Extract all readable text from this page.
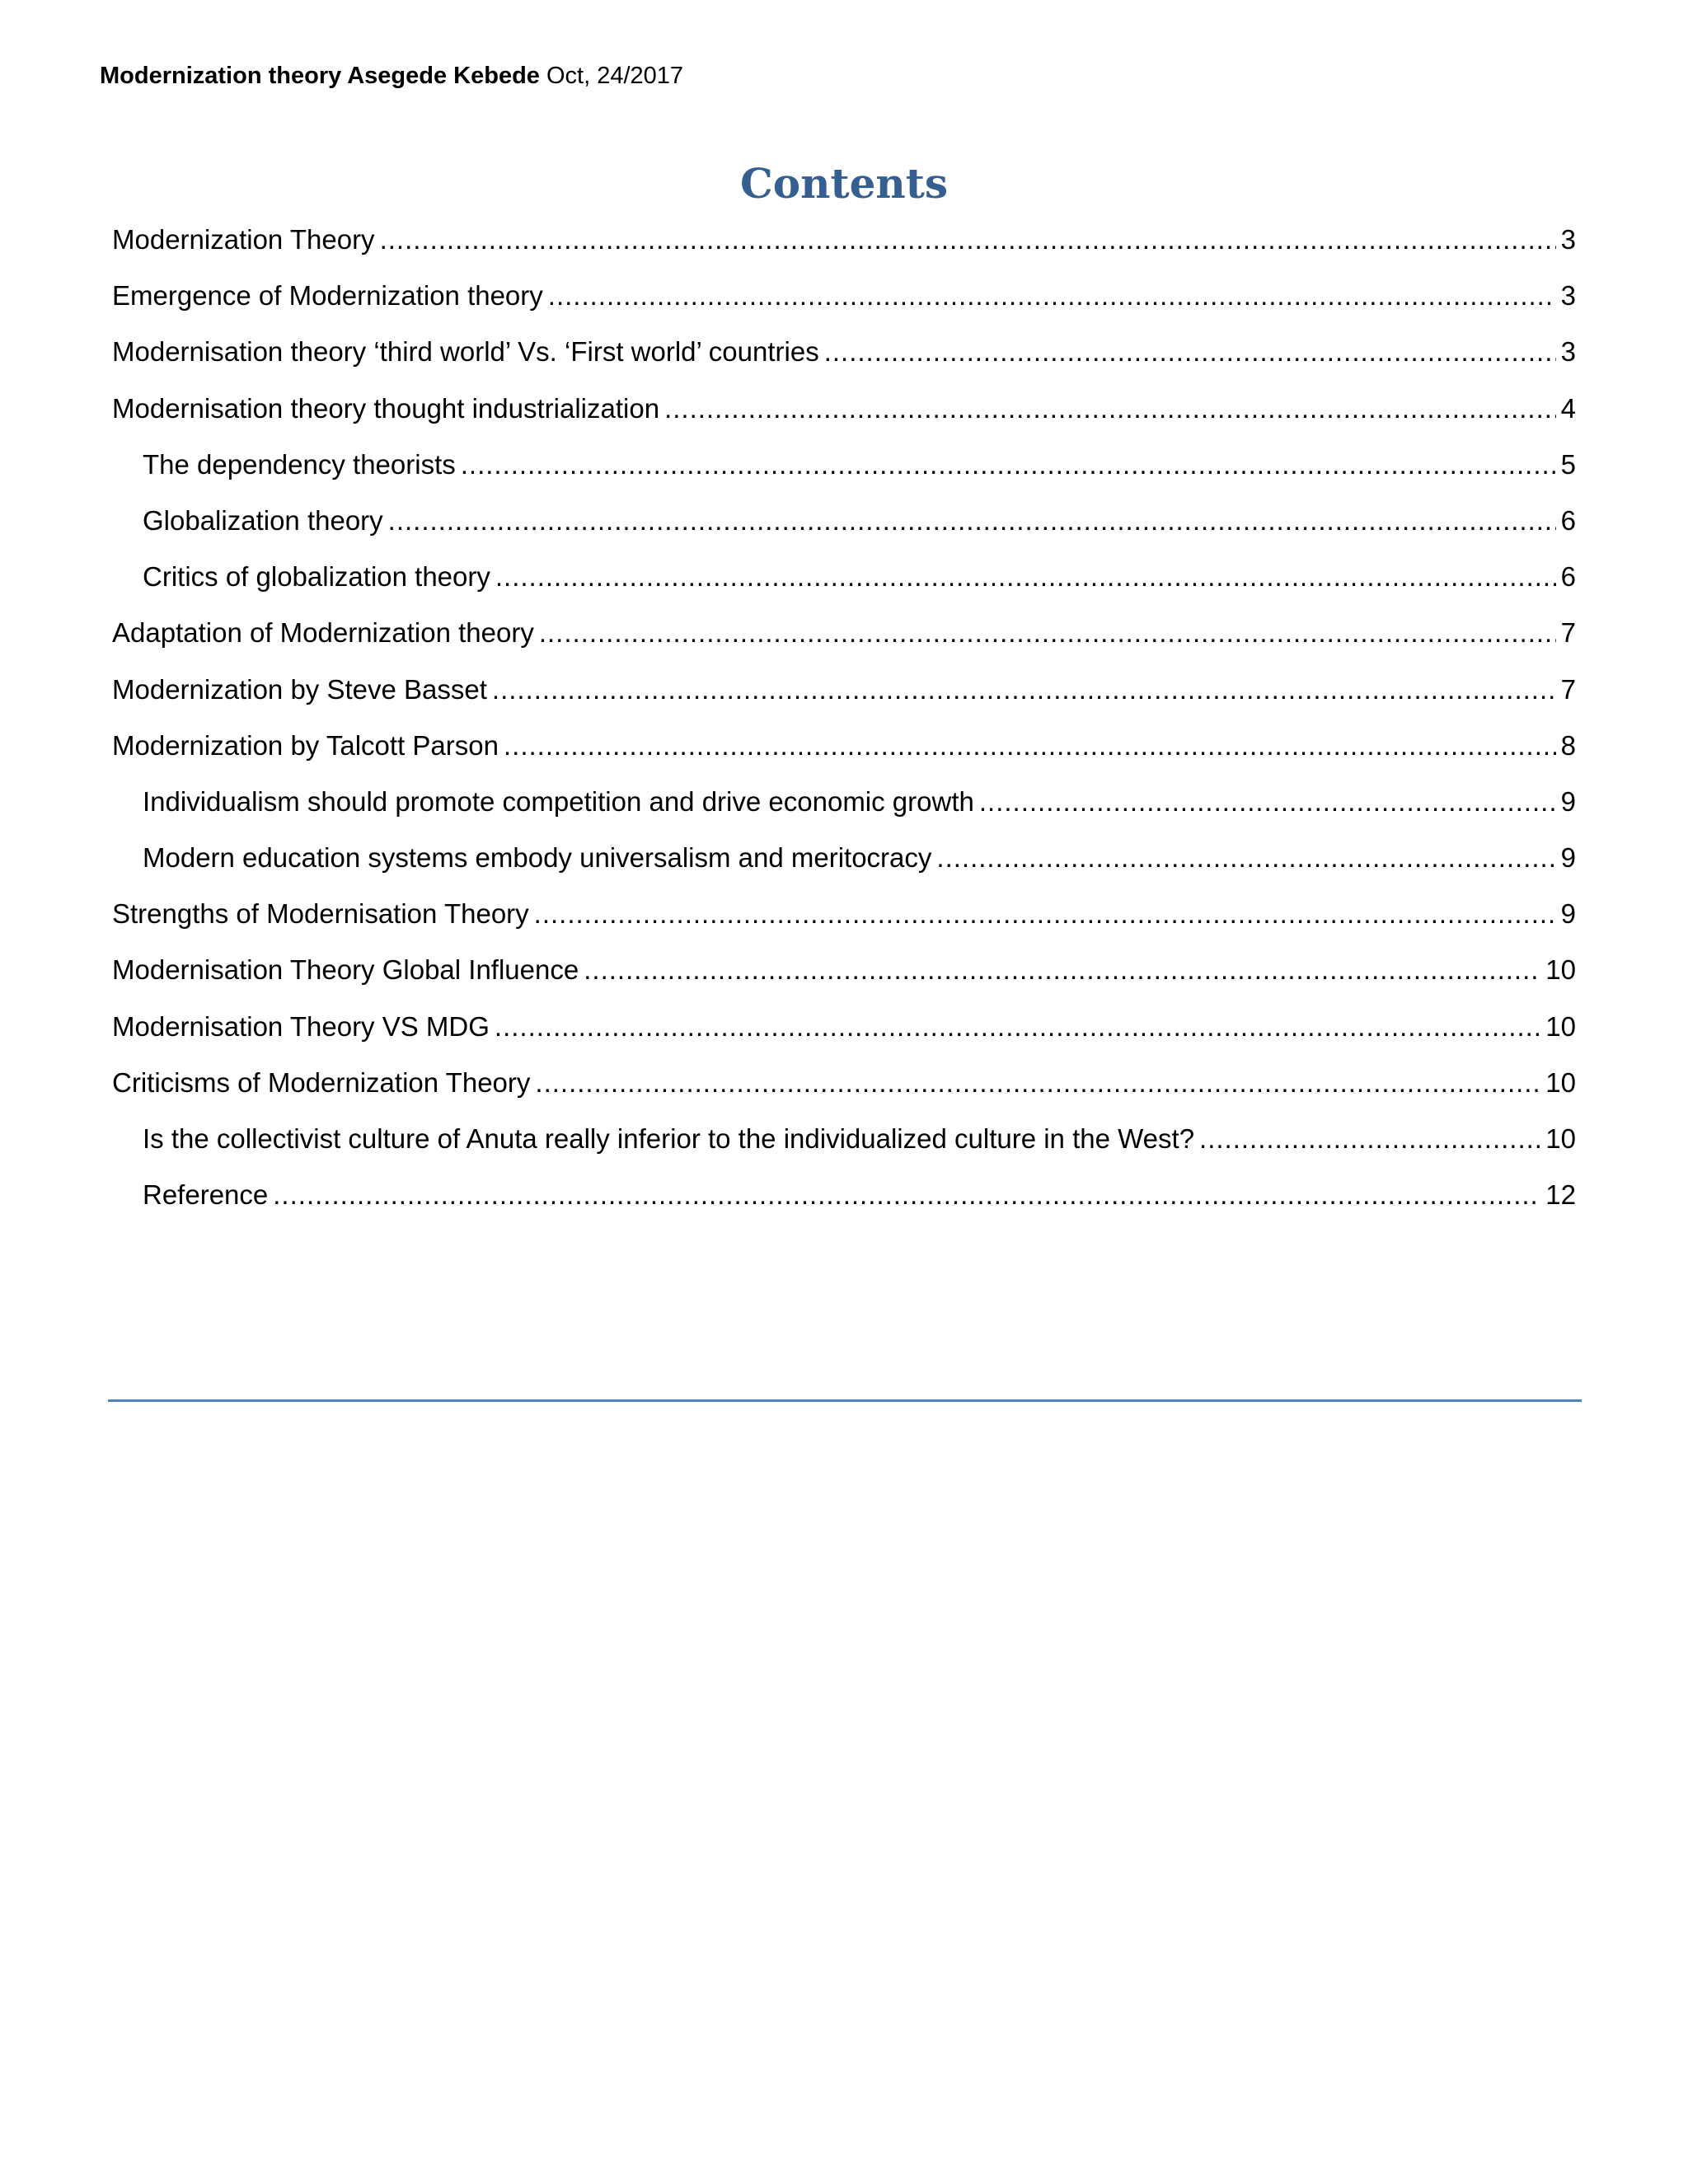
Modernization theory Asegede Kebede Oct, 24/2017
Contents
Modernization Theory .....	3
Emergence of Modernization theory .....	3
Modernisation theory ‘third world’ Vs. ‘First world’ countries .....	3
Modernisation theory thought industrialization .....	4
The dependency theorists .....	5
Globalization theory .....	6
Critics of globalization theory .....	6
Adaptation of Modernization theory .....	7
Modernization by Steve Basset .....	7
Modernization by Talcott Parson .....	8
Individualism should promote competition and drive economic growth .....	9
Modern education systems embody universalism and meritocracy .....	9
Strengths of Modernisation Theory .....	9
Modernisation Theory Global Influence .....	10
Modernisation Theory VS MDG .....	10
Criticisms of Modernization Theory .....	10
Is the collectivist culture of Anuta really inferior to the individualized culture in the West? .....	10
Reference .....	12
